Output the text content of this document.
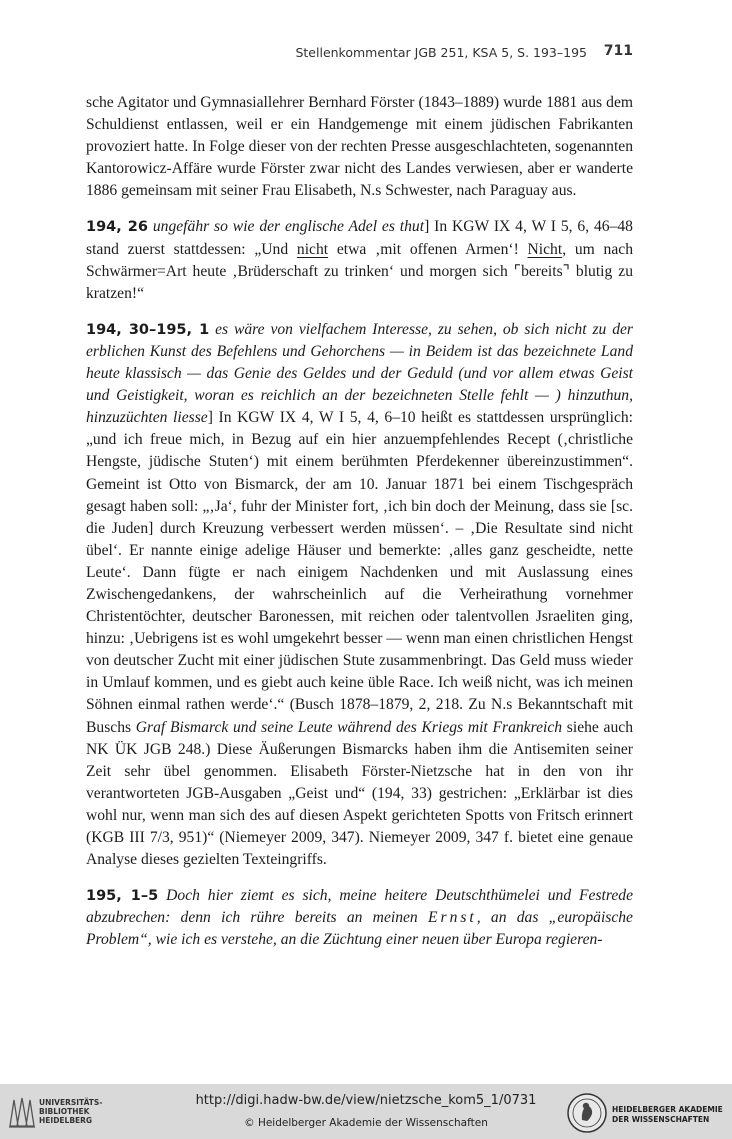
Stellenkommentar JGB 251, KSA 5, S. 193–195 711

sche Agitator und Gymnasiallehrer Bernhard Förster (1843–1889) wurde 1881 aus dem Schuldienst entlassen, weil er ein Handgemenge mit einem jüdischen Fabrikanten provoziert hatte. In Folge dieser von der rechten Presse ausgeschlachteten, sogenannten Kantorowicz-Affäre wurde Förster zwar nicht des Landes verwiesen, aber er wanderte 1886 gemeinsam mit seiner Frau Elisabeth, N.s Schwester, nach Paraguay aus.

194, 26 ungefähr so wie der englische Adel es thut] In KGW IX 4, W I 5, 6, 46–48 stand zuerst stattdessen: „Und nicht etwa ‚mit offenen Armen‘! Nicht, um nach Schwärmer=Art heute ‚Brüderschaft zu trinken‘ und morgen sich ⌜bereits⌝ blutig zu kratzen!“

194, 30–195, 1 es wäre von vielfachem Interesse, zu sehen, ob sich nicht zu der erblichen Kunst des Befehlens und Gehorchens — in Beidem ist das bezeichnete Land heute klassisch — das Genie des Geldes und der Geduld (und vor allem etwas Geist und Geistigkeit, woran es reichlich an der bezeichneten Stelle fehlt — ) hinzuthun, hinzuzüchten liesse] In KGW IX 4, W I 5, 4, 6–10 heißt es stattdessen ursprünglich: „und ich freue mich, in Bezug auf ein hier anzuempfehlendes Recept (‚christliche Hengste, jüdische Stuten‘) mit einem berühmten Pferdekenner übereinzustimmen“. Gemeint ist Otto von Bismarck, der am 10. Januar 1871 bei einem Tischgespräch gesagt haben soll: „‚Ja‘, fuhr der Minister fort, ‚ich bin doch der Meinung, dass sie [sc. die Juden] durch Kreuzung verbessert werden müssen‘. – ‚Die Resultate sind nicht übel‘. Er nannte einige adelige Häuser und bemerkte: ‚alles ganz gescheidte, nette Leute‘. Dann fügte er nach einigem Nachdenken und mit Auslassung eines Zwischengedankens, der wahrscheinlich auf die Verheirathung vornehmer Christentöchter, deutscher Baronessen, mit reichen oder talentvollen Jsraeliten ging, hinzu: ‚Uebrigens ist es wohl umgekehrt besser — wenn man einen christlichen Hengst von deutscher Zucht mit einer jüdischen Stute zusammenbringt. Das Geld muss wieder in Umlauf kommen, und es giebt auch keine üble Race. Ich weiß nicht, was ich meinen Söhnen einmal rathen werde‘.“ (Busch 1878–1879, 2, 218. Zu N.s Bekanntschaft mit Buschs Graf Bismarck und seine Leute während des Kriegs mit Frankreich siehe auch NK ÜK JGB 248.) Diese Äußerungen Bismarcks haben ihm die Antisemiten seiner Zeit sehr übel genommen. Elisabeth Förster-Nietzsche hat in den von ihr verantworteten JGB-Ausgaben „Geist und“ (194, 33) gestrichen: „Erklärbar ist dies wohl nur, wenn man sich des auf diesen Aspekt gerichteten Spotts von Fritsch erinnert (KGB III 7/3, 951)“ (Niemeyer 2009, 347). Niemeyer 2009, 347 f. bietet eine genaue Analyse dieses gezielten Texteingriffs.

195, 1–5 Doch hier ziemt es sich, meine heitere Deutschthümelei und Festrede abzubrechen: denn ich rühre bereits an meinen Ernst, an das „europäische Problem“, wie ich es verstehe, an die Züchtung einer neuen über Europa regieren-

UNIVERSITÄTS-
BIBLIOTHEK
HEIDELBERG
http://digi.hadw-bw.de/view/nietzsche_kom5_1/0731
© Heidelberger Akademie der Wissenschaften
HEIDELBERGER AKADEMIE
DER WISSENSCHAFTEN
